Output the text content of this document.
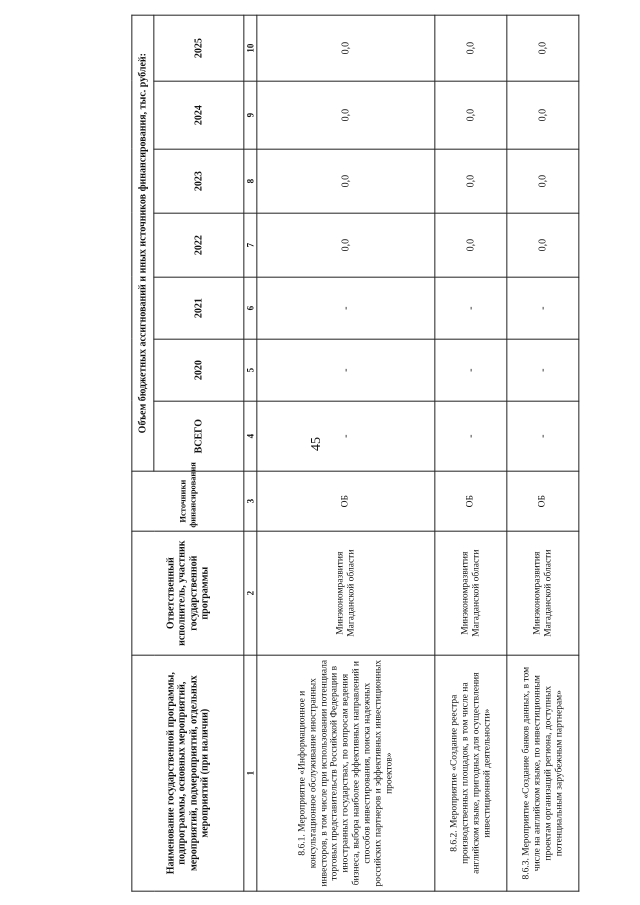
45
Наименование государственной программы, подпрограммы, основных мероприятий, мероприятий, подмероприятий, отдельных мероприятий (при наличии)	Ответственный исполнитель, участник государственной программы	Источники финансирования	Объем бюджетных ассигнований и иных источников финансирования, тыс. рублей:						
			ВСЕГО	2020	2021	2022	2023	2024	2025
1	2	3	4	5	6	7	8	9	10
8.6.1. Мероприятие «Информационное и консультационное обслуживание иностранных инвесторов, в том числе при использовании потенциала торговых представительств Российской Федерации в иностранных государствах, по вопросам ведения бизнеса, выбора наиболее эффективных направлений и способов инвестирования, поиска надежных российских партнеров и эффективных инвестиционных проектов»	Минэкономразвития Магаданской области	ОБ	-	-	-	0,0	0,0	0,0	0,0
8.6.2. Мероприятие «Создание реестра производственных площадок, в том числе на английском языке, пригодных для осуществления инвестиционной деятельности»	Минэкономразвития Магаданской области	ОБ	-	-	-	0,0	0,0	0,0	0,0
8.6.3. Мероприятие «Создание банков данных, в том числе на английском языке, по инвестиционным проектам организаций региона, доступных потенциальным зарубежным партнерам»	Минэкономразвития Магаданской области	ОБ	-	-	-	0,0	0,0	0,0	0,0
